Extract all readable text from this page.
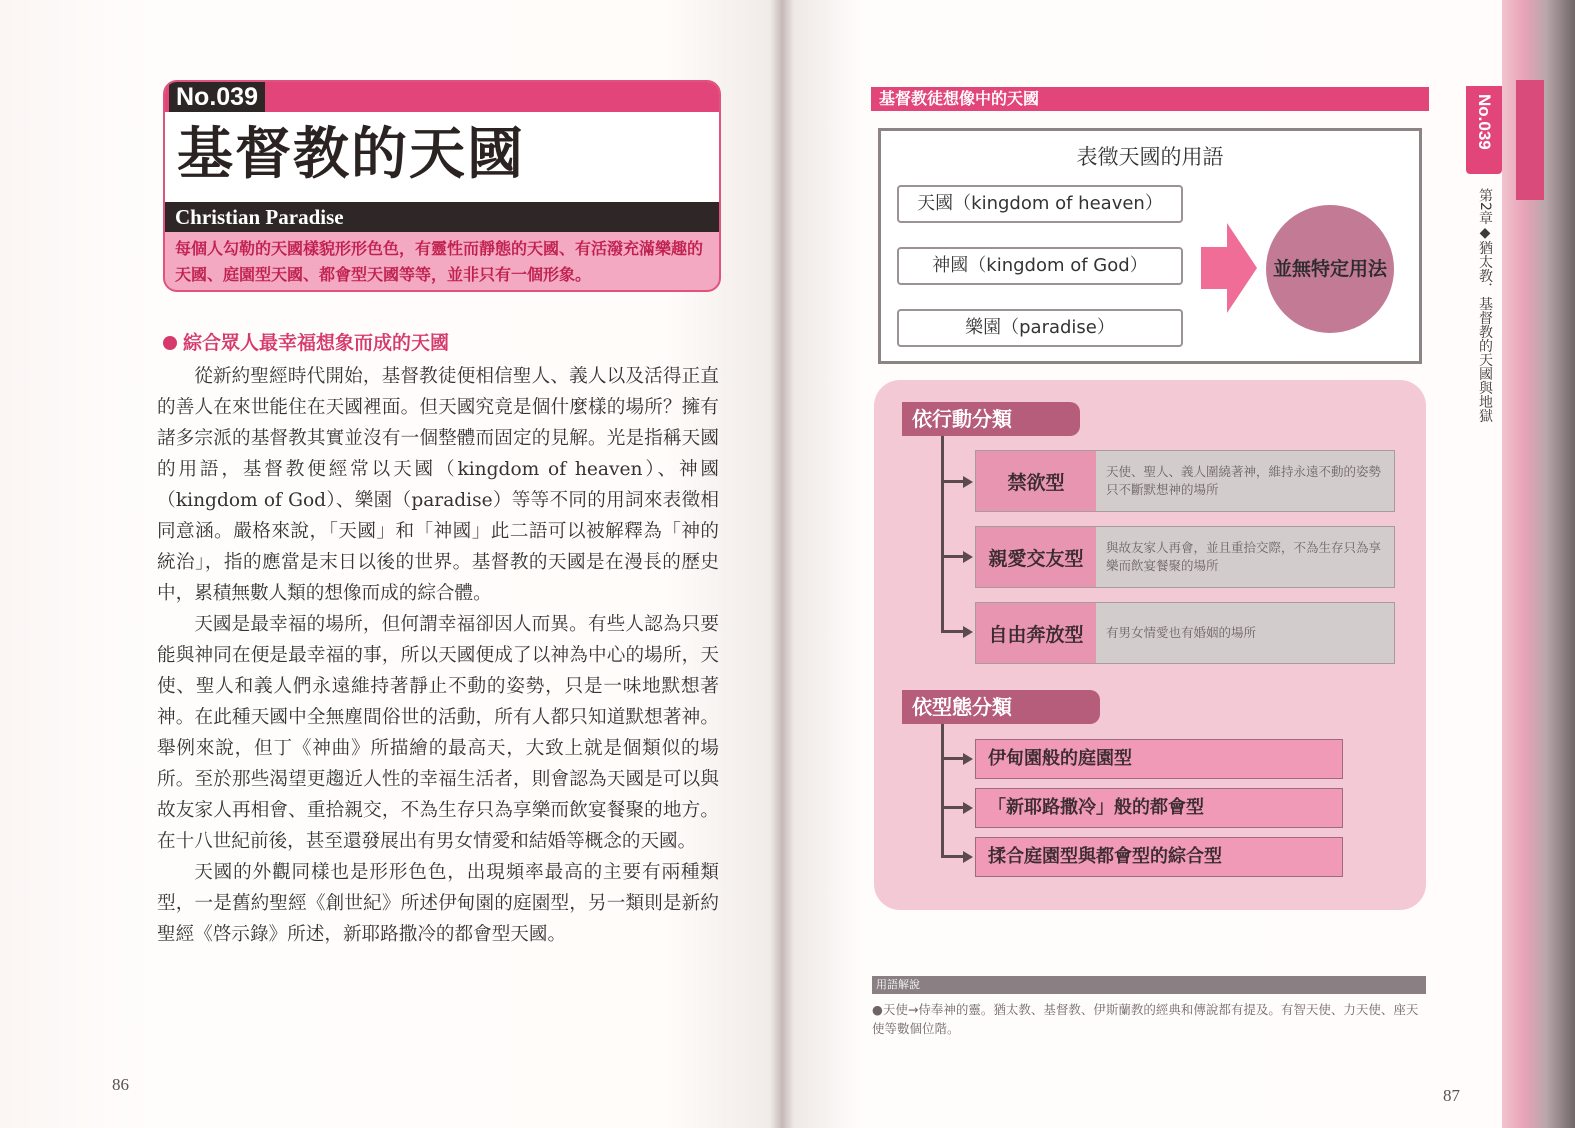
No.039
基督教的天國
Christian Paradise
每個人勾勒的天國樣貌形形色色，有靈性而靜態的天國、有活潑充滿樂趣的天國、庭園型天國、都會型天國等等，並非只有一個形象。
綜合眾人最幸福想象而成的天國

從新約聖經時代開始，基督教徒便相信聖人、義人以及活得正直的善人在來世能住在天國裡面。但天國究竟是個什麼樣的場所？擁有諸多宗派的基督教其實並沒有一個整體而固定的見解。光是指稱天國的用語，基督教便經常以天國（kingdom of heaven）、神國（kingdom of God）、樂園（paradise）等等不同的用詞來表徵相同意涵。嚴格來說，「天國」和「神國」此二語可以被解釋為「神的統治」，指的應當是末日以後的世界。基督教的天國是在漫長的歷史中，累積無數人類的想像而成的綜合體。

天國是最幸福的場所，但何謂幸福卻因人而異。有些人認為只要能與神同在便是最幸福的事，所以天國便成了以神為中心的場所，天使、聖人和義人們永遠維持著靜止不動的姿勢，只是一味地默想著神。在此種天國中全無塵間俗世的活動，所有人都只知道默想著神。舉例來說，但丁《神曲》所描繪的最高天，大致上就是個類似的場所。至於那些渴望更趨近人性的幸福生活者，則會認為天國是可以與故友家人再相會、重拾親交，不為生存只為享樂而飲宴餐聚的地方。在十八世紀前後，甚至還發展出有男女情愛和結婚等概念的天國。

天國的外觀同樣也是形形色色，出現頻率最高的主要有兩種類型，一是舊約聖經《創世紀》所述伊甸園的庭園型，另一類則是新約聖經《啓示錄》所述，新耶路撒冷的都會型天國。

86
基督教徒想像中的天國
表徵天國的用語
天國（kingdom of heaven）
神國（kingdom of God）
樂園（paradise）
並無特定用法
依行動分類
禁欲型	天使、聖人、義人圍繞著神，維持永遠不動的姿勢只不斷默想神的場所
親愛交友型	與故友家人再會，並且重拾交際，不為生存只為享樂而飲宴餐聚的場所
自由奔放型	有男女情愛也有婚姻的場所
依型態分類
伊甸園般的庭園型
「新耶路撒冷」般的都會型
揉合庭園型與都會型的綜合型
用語解說
●天使→侍奉神的靈。猶太教、基督教、伊斯蘭教的經典和傳說都有提及。有智天使、力天使、座天使等數個位階。
87
No.039
第2章◆猶太教．基督教的天國與地獄
